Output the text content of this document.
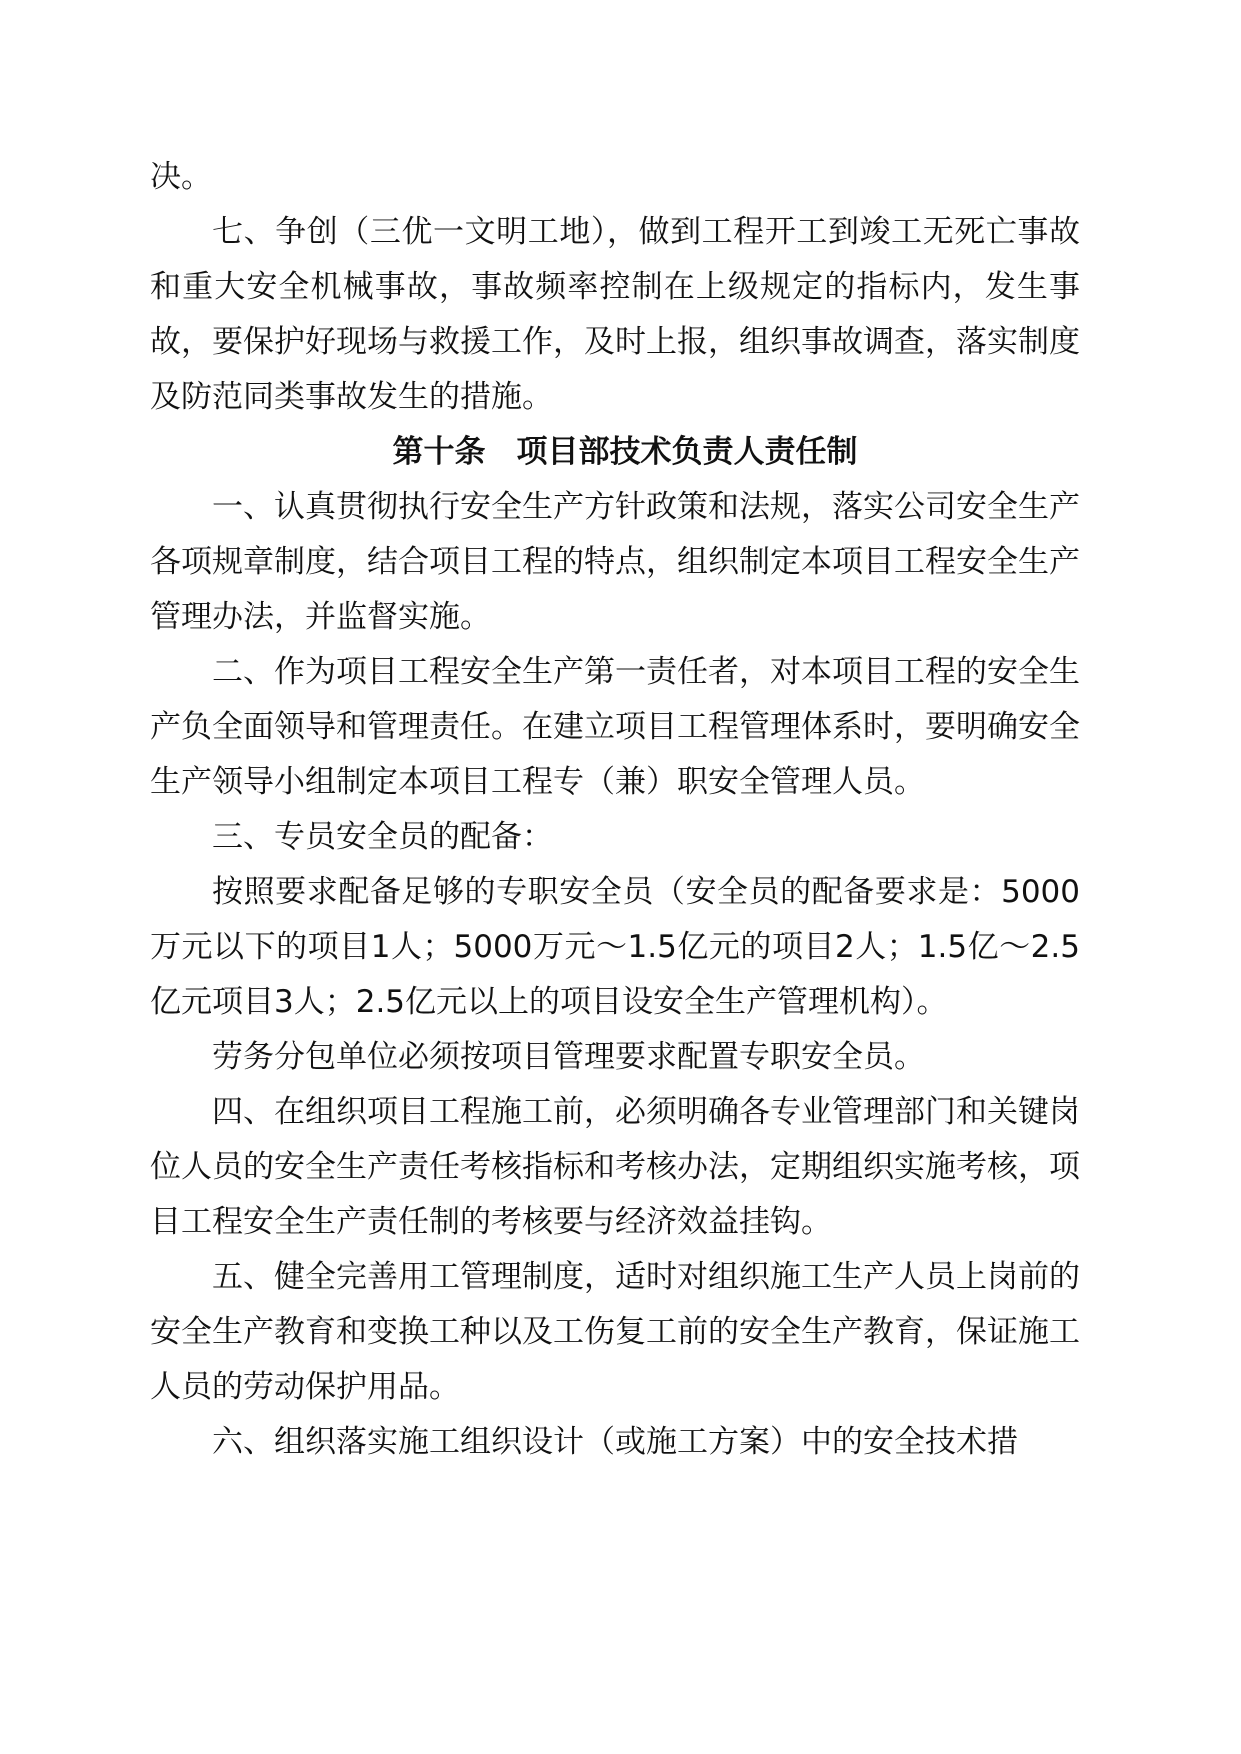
决。

七、争创（三优一文明工地），做到工程开工到竣工无死亡事故和重大安全机械事故，事故频率控制在上级规定的指标内，发生事故，要保护好现场与救援工作，及时上报，组织事故调查，落实制度及防范同类事故发生的措施。

第十条　项目部技术负责人责任制

一、认真贯彻执行安全生产方针政策和法规，落实公司安全生产各项规章制度，结合项目工程的特点，组织制定本项目工程安全生产管理办法，并监督实施。

二、作为项目工程安全生产第一责任者，对本项目工程的安全生产负全面领导和管理责任。在建立项目工程管理体系时，要明确安全生产领导小组制定本项目工程专（兼）职安全管理人员。

三、专员安全员的配备：

按照要求配备足够的专职安全员（安全员的配备要求是：5000万元以下的项目1人；5000万元～1.5亿元的项目2人；1.5亿～2.5亿元项目3人；2.5亿元以上的项目设安全生产管理机构）。

劳务分包单位必须按项目管理要求配置专职安全员。

四、在组织项目工程施工前，必须明确各专业管理部门和关键岗位人员的安全生产责任考核指标和考核办法，定期组织实施考核，项目工程安全生产责任制的考核要与经济效益挂钩。

五、健全完善用工管理制度，适时对组织施工生产人员上岗前的安全生产教育和变换工种以及工伤复工前的安全生产教育，保证施工人员的劳动保护用品。

六、组织落实施工组织设计（或施工方案）中的安全技术措
